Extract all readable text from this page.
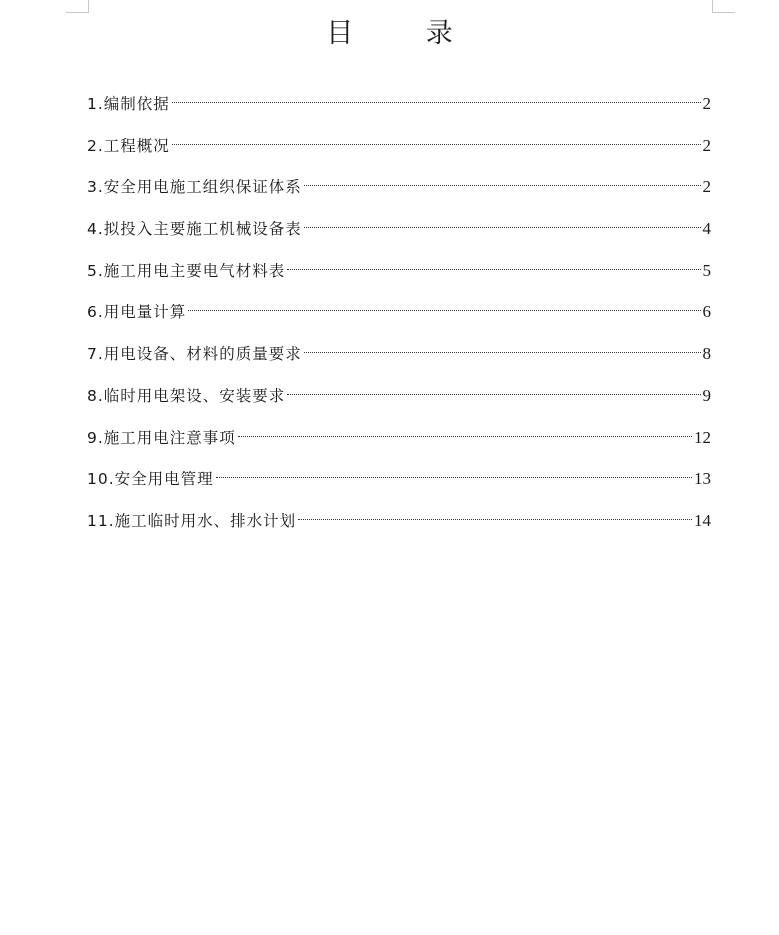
目 录
1.编制依据	2
2.工程概况	2
3.安全用电施工组织保证体系	2
4.拟投入主要施工机械设备表	4
5.施工用电主要电气材料表	5
6.用电量计算	6
7.用电设备、材料的质量要求	8
8.临时用电架设、安装要求	9
9.施工用电注意事项	12
10.安全用电管理	13
11.施工临时用水、排水计划	14
